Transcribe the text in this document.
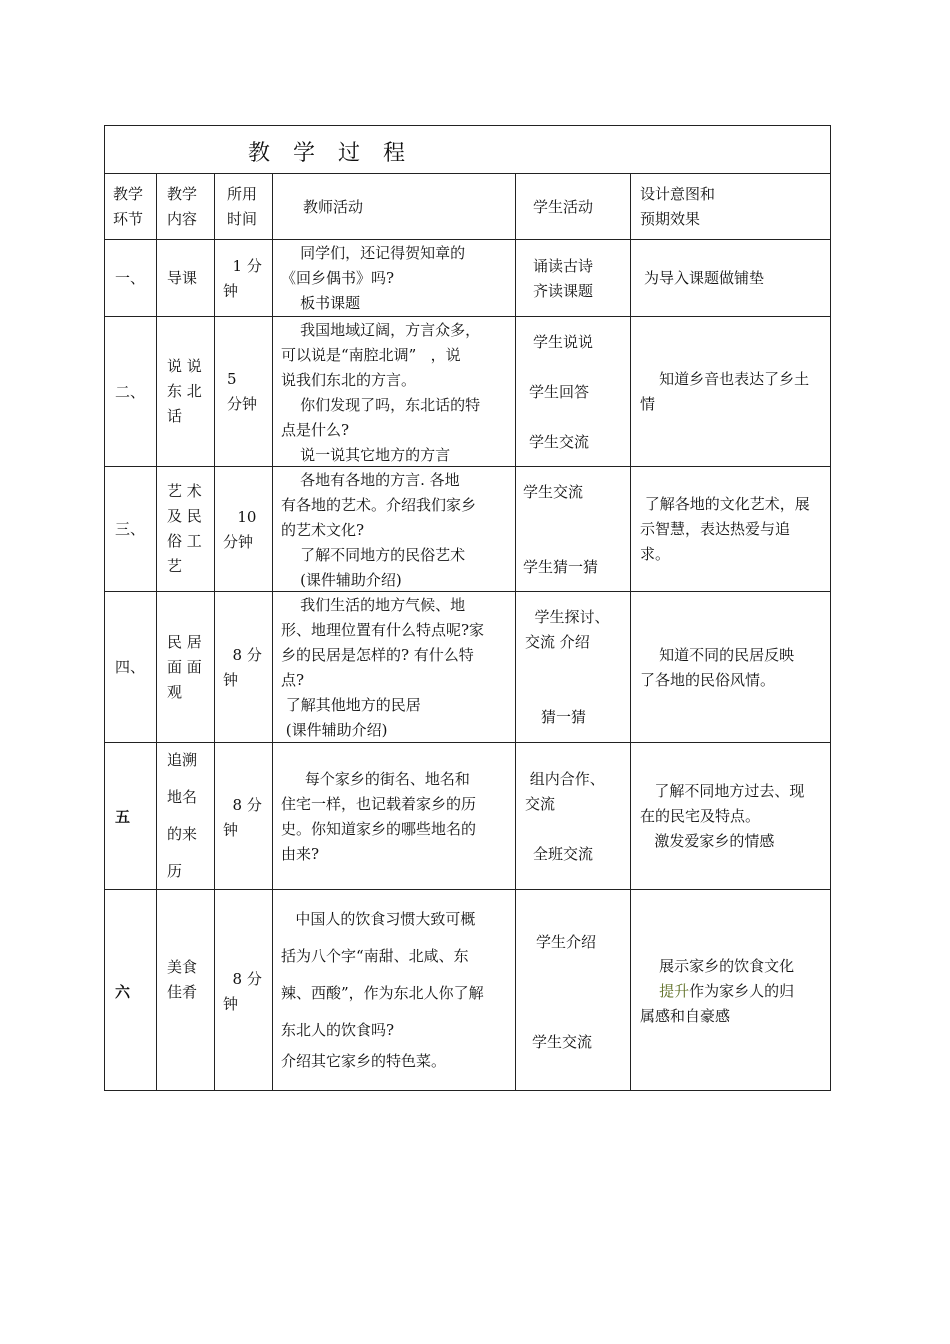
教 学 过 程
教学
环节
教学
内容
所用
时间
教师活动	学生活动
设计意图和
预期效果
一、 导课
1 分
钟
同学们，还记得贺知章的
《回乡偶书》吗?
板书课题
诵读古诗
齐读课题
为导入课题做铺垫
二、
说 说
东 北
话
5
分钟
我国地域辽阔，方言众多，
可以说是“南腔北调”   ，说
说我们东北的方言。
你们发现了吗，东北话的特
点是什么?
说一说其它地方的方言
学生说说
学生回答
学生交流
知道乡音也表达了乡土
情
三、
艺 术
及 民
俗 工
艺
10
分钟
各地有各地的方言. 各地
有各地的艺术。介绍我们家乡
的艺术文化?
了解不同地方的民俗艺术
(课件辅助介绍)
学生交流
学生猜一猜
了解各地的文化艺术，展
示智慧，表达热爱与追
求。
四、
民 居
面 面
观
8 分
钟
我们生活的地方气候、地
形、地理位置有什么特点呢?家
乡的民居是怎样的? 有什么特
点?
了解其他地方的民居
(课件辅助介绍)
学生探讨、
交流 介绍
猜一猜
知道不同的民居反映
了各地的民俗风情。
五
追溯
地名
的来
历
8 分
钟
每个家乡的街名、地名和
住宅一样，也记载着家乡的历
史。你知道家乡的哪些地名的
由来?
组内合作、
交流
全班交流
了解不同地方过去、现
在的民宅及特点。
激发爱家乡的情感
六
美食
佳肴
8 分
钟
中国人的饮食习惯大致可概
括为八个字“南甜、北咸、东
辣、西酸”，作为东北人你了解
东北人的饮食吗?
介绍其它家乡的特色菜。
学生介绍
学生交流
展示家乡的饮食文化
提升作为家乡人的归
属感和自豪感
